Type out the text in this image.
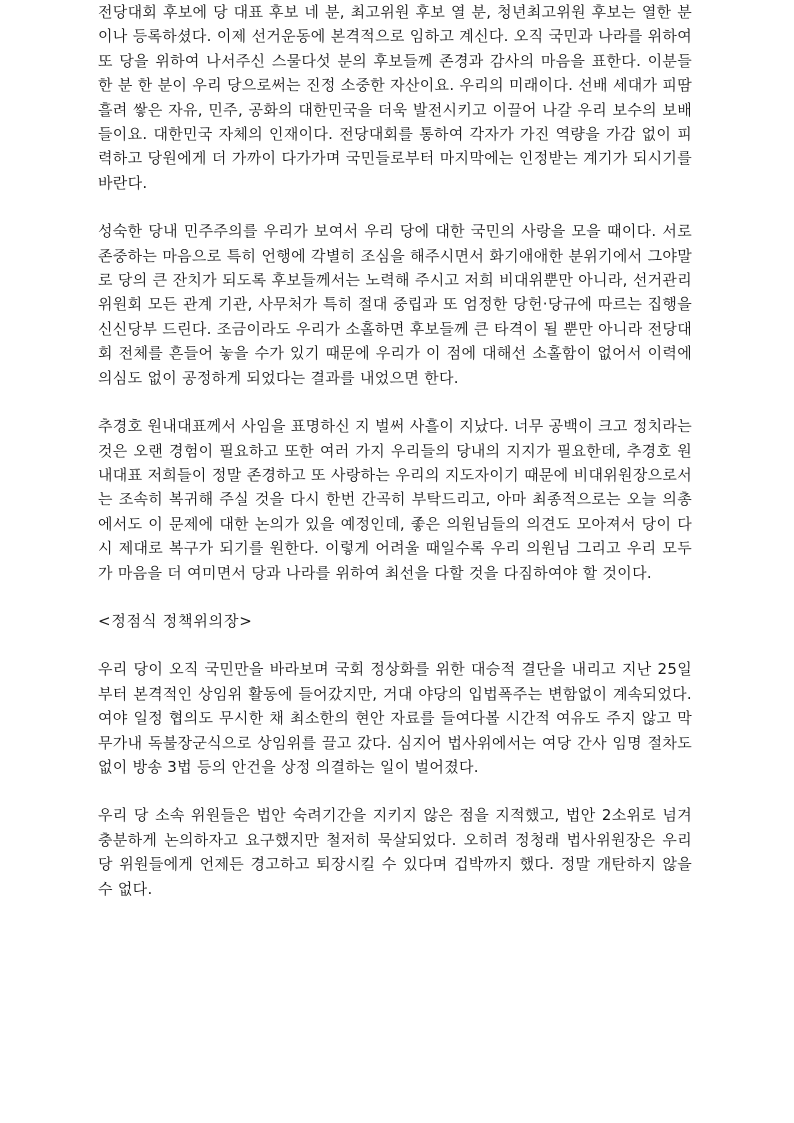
전당대회 후보에 당 대표 후보 네 분, 최고위원 후보 열 분, 청년최고위원 후보는 열한 분이나 등록하셨다. 이제 선거운동에 본격적으로 임하고 계신다. 오직 국민과 나라를 위하여 또 당을 위하여 나서주신 스물다섯 분의 후보들께 존경과 감사의 마음을 표한다. 이분들 한 분 한 분이 우리 당으로써는 진정 소중한 자산이요. 우리의 미래이다. 선배 세대가 피땀 흘려 쌓은 자유, 민주, 공화의 대한민국을 더욱 발전시키고 이끌어 나갈 우리 보수의 보배들이요. 대한민국 자체의 인재이다. 전당대회를 통하여 각자가 가진 역량을 가감 없이 피력하고 당원에게 더 가까이 다가가며 국민들로부터 마지막에는 인정받는 계기가 되시기를 바란다.

성숙한 당내 민주주의를 우리가 보여서 우리 당에 대한 국민의 사랑을 모을 때이다. 서로 존중하는 마음으로 특히 언행에 각별히 조심을 해주시면서 화기애애한 분위기에서 그야말로 당의 큰 잔치가 되도록 후보들께서는 노력해 주시고 저희 비대위뿐만 아니라, 선거관리위원회 모든 관계 기관, 사무처가 특히 절대 중립과 또 엄정한 당헌·당규에 따르는 집행을 신신당부 드린다. 조금이라도 우리가 소홀하면 후보들께 큰 타격이 될 뿐만 아니라 전당대회 전체를 흔들어 놓을 수가 있기 때문에 우리가 이 점에 대해선 소홀함이 없어서 이력에 의심도 없이 공정하게 되었다는 결과를 내었으면 한다.

추경호 원내대표께서 사임을 표명하신 지 벌써 사흘이 지났다. 너무 공백이 크고 정치라는 것은 오랜 경험이 필요하고 또한 여러 가지 우리들의 당내의 지지가 필요한데, 추경호 원내대표 저희들이 정말 존경하고 또 사랑하는 우리의 지도자이기 때문에 비대위원장으로서는 조속히 복귀해 주실 것을 다시 한번 간곡히 부탁드리고, 아마 최종적으로는 오늘 의총에서도 이 문제에 대한 논의가 있을 예정인데, 좋은 의원님들의 의견도 모아져서 당이 다시 제대로 복구가 되기를 원한다. 이렇게 어려울 때일수록 우리 의원님 그리고 우리 모두가 마음을 더 여미면서 당과 나라를 위하여 최선을 다할 것을 다짐하여야 할 것이다.

<정점식 정책위의장>

우리 당이 오직 국민만을 바라보며 국회 정상화를 위한 대승적 결단을 내리고 지난 25일부터 본격적인 상임위 활동에 들어갔지만, 거대 야당의 입법폭주는 변함없이 계속되었다. 여야 일정 협의도 무시한 채 최소한의 현안 자료를 들여다볼 시간적 여유도 주지 않고 막무가내 독불장군식으로 상임위를 끌고 갔다. 심지어 법사위에서는 여당 간사 임명 절차도 없이 방송 3법 등의 안건을 상정 의결하는 일이 벌어졌다.

우리 당 소속 위원들은 법안 숙려기간을 지키지 않은 점을 지적했고, 법안 2소위로 넘겨 충분하게 논의하자고 요구했지만 철저히 묵살되었다. 오히려 정청래 법사위원장은 우리 당 위원들에게 언제든 경고하고 퇴장시킬 수 있다며 겁박까지 했다. 정말 개탄하지 않을 수 없다.
